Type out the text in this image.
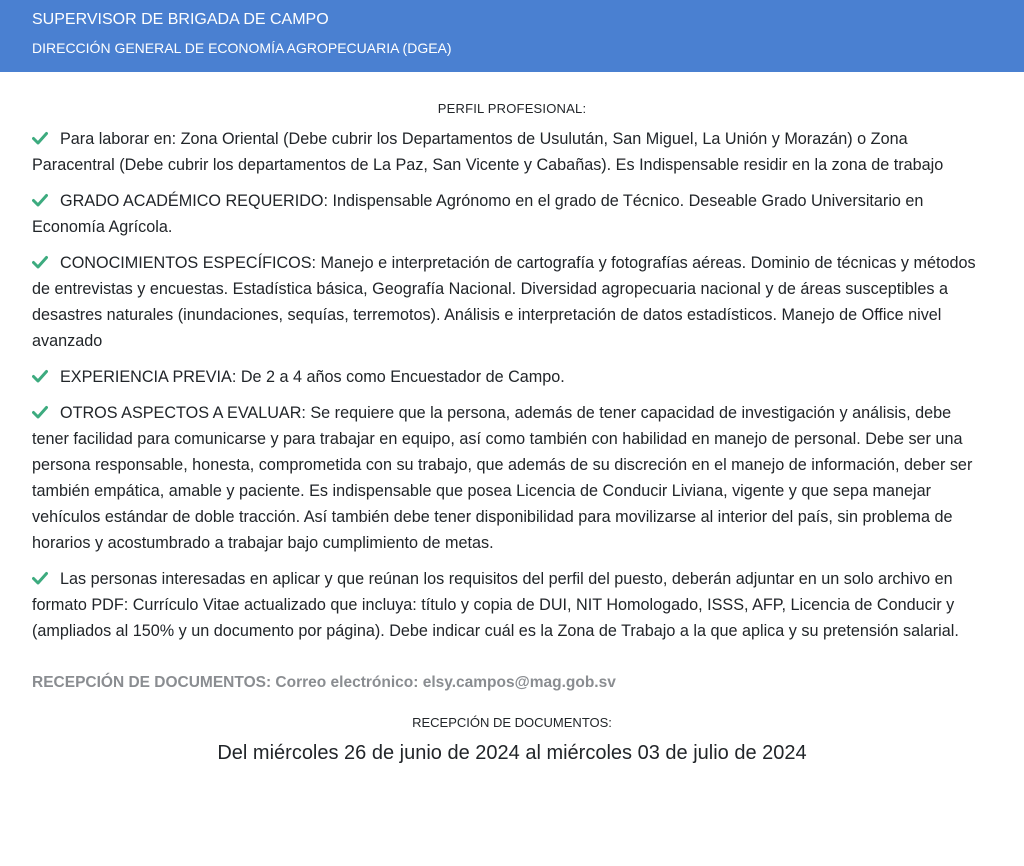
SUPERVISOR DE BRIGADA DE CAMPO
DIRECCIÓN GENERAL DE ECONOMÍA AGROPECUARIA (DGEA)
PERFIL PROFESIONAL:
Para laborar en: Zona Oriental (Debe cubrir los Departamentos de Usulután, San Miguel, La Unión y Morazán) o Zona Paracentral (Debe cubrir los departamentos de La Paz, San Vicente y Cabañas). Es Indispensable residir en la zona de trabajo
GRADO ACADÉMICO REQUERIDO: Indispensable Agrónomo en el grado de Técnico. Deseable Grado Universitario en Economía Agrícola.
CONOCIMIENTOS ESPECÍFICOS: Manejo e interpretación de cartografía y fotografías aéreas. Dominio de técnicas y métodos de entrevistas y encuestas. Estadística básica, Geografía Nacional. Diversidad agropecuaria nacional y de áreas susceptibles a desastres naturales (inundaciones, sequías, terremotos). Análisis e interpretación de datos estadísticos. Manejo de Office nivel avanzado
EXPERIENCIA PREVIA: De 2 a 4 años como Encuestador de Campo.
OTROS ASPECTOS A EVALUAR: Se requiere que la persona, además de tener capacidad de investigación y análisis, debe tener facilidad para comunicarse y para trabajar en equipo, así como también con habilidad en manejo de personal. Debe ser una persona responsable, honesta, comprometida con su trabajo, que además de su discreción en el manejo de información, deber ser también empática, amable y paciente. Es indispensable que posea Licencia de Conducir Liviana, vigente y que sepa manejar vehículos estándar de doble tracción. Así también debe tener disponibilidad para movilizarse al interior del país, sin problema de horarios y acostumbrado a trabajar bajo cumplimiento de metas.
Las personas interesadas en aplicar y que reúnan los requisitos del perfil del puesto, deberán adjuntar en un solo archivo en formato PDF: Currículo Vitae actualizado que incluya: título y copia de DUI, NIT Homologado, ISSS, AFP, Licencia de Conducir y (ampliados al 150% y un documento por página). Debe indicar cuál es la Zona de Trabajo a la que aplica y su pretensión salarial.
RECEPCIÓN DE DOCUMENTOS: Correo electrónico: elsy.campos@mag.gob.sv
RECEPCIÓN DE DOCUMENTOS:
Del miércoles 26 de junio de 2024 al miércoles 03 de julio de 2024
